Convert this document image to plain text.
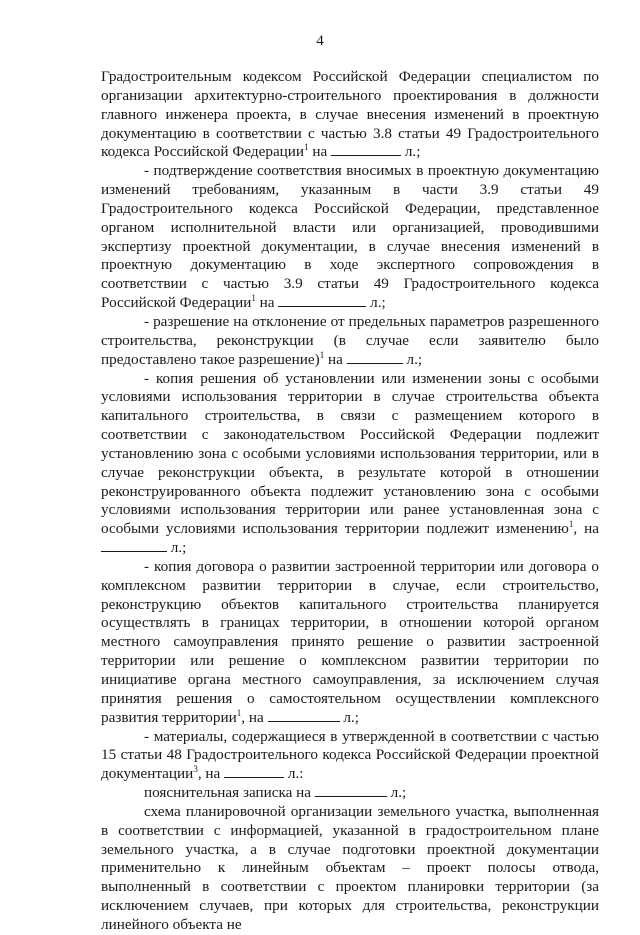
4

Градостроительным кодексом Российской Федерации специалистом по организации архитектурно-строительного проектирования в должности главного инженера проекта, в случае внесения изменений в проектную документацию в соответствии с частью 3.8 статьи 49 Градостроительного кодекса Российской Федерации$^1$ на	л.;

- подтверждение соответствия вносимых в проектную документацию изменений требованиям, указанным в части 3.9 статьи 49 Градостроительного кодекса Российской Федерации, представленное органом исполнительной власти или организацией, проводившими экспертизу проектной документации, в случае внесения изменений в проектную документацию в ходе экспертного сопровождения в соответствии с частью 3.9 статьи 49 Градостроительного кодекса Российской Федерации$^1$ на	л.;

- разрешение на отклонение от предельных параметров разрешенного строительства, реконструкции (в случае если заявителю было предоставлено такое разрешение)$^1$ на	л.;

- копия решения об установлении или изменении зоны с особыми условиями использования территории в случае строительства объекта капитального строительства, в связи с размещением которого в соответствии с законодательством Российской Федерации подлежит установлению зона с особыми условиями использования территории, или в случае реконструкции объекта, в результате которой в отношении реконструированного объекта подлежит установлению зона с особыми условиями использования территории или ранее установленная зона с особыми условиями использования территории подлежит изменению$^1$, на  л.;

- копия договора о развитии застроенной территории или договора о комплексном развитии территории в случае, если строительство, реконструкцию объектов капитального строительства планируется осуществлять в границах территории, в отношении которой органом местного самоуправления принято решение о развитии застроенной территории или решение о комплексном развитии территории по инициативе органа местного самоуправления, за исключением случая принятия решения о самостоятельном осуществлении комплексного развития территории$^1$, на	л.;

- материалы, содержащиеся в утвержденной в соответствии с частью 15 статьи 48 Градостроительного кодекса Российской Федерации проектной документации$^3$, на	л.:

пояснительная записка на	л.;

схема планировочной организации земельного участка, выполненная в соответствии с информацией, указанной в градостроительном плане земельного участка, а в случае подготовки проектной документации применительно к линейным объектам – проект полосы отвода, выполненный в соответствии с проектом планировки территории (за исключением случаев, при которых для строительства, реконструкции линейного объекта не
